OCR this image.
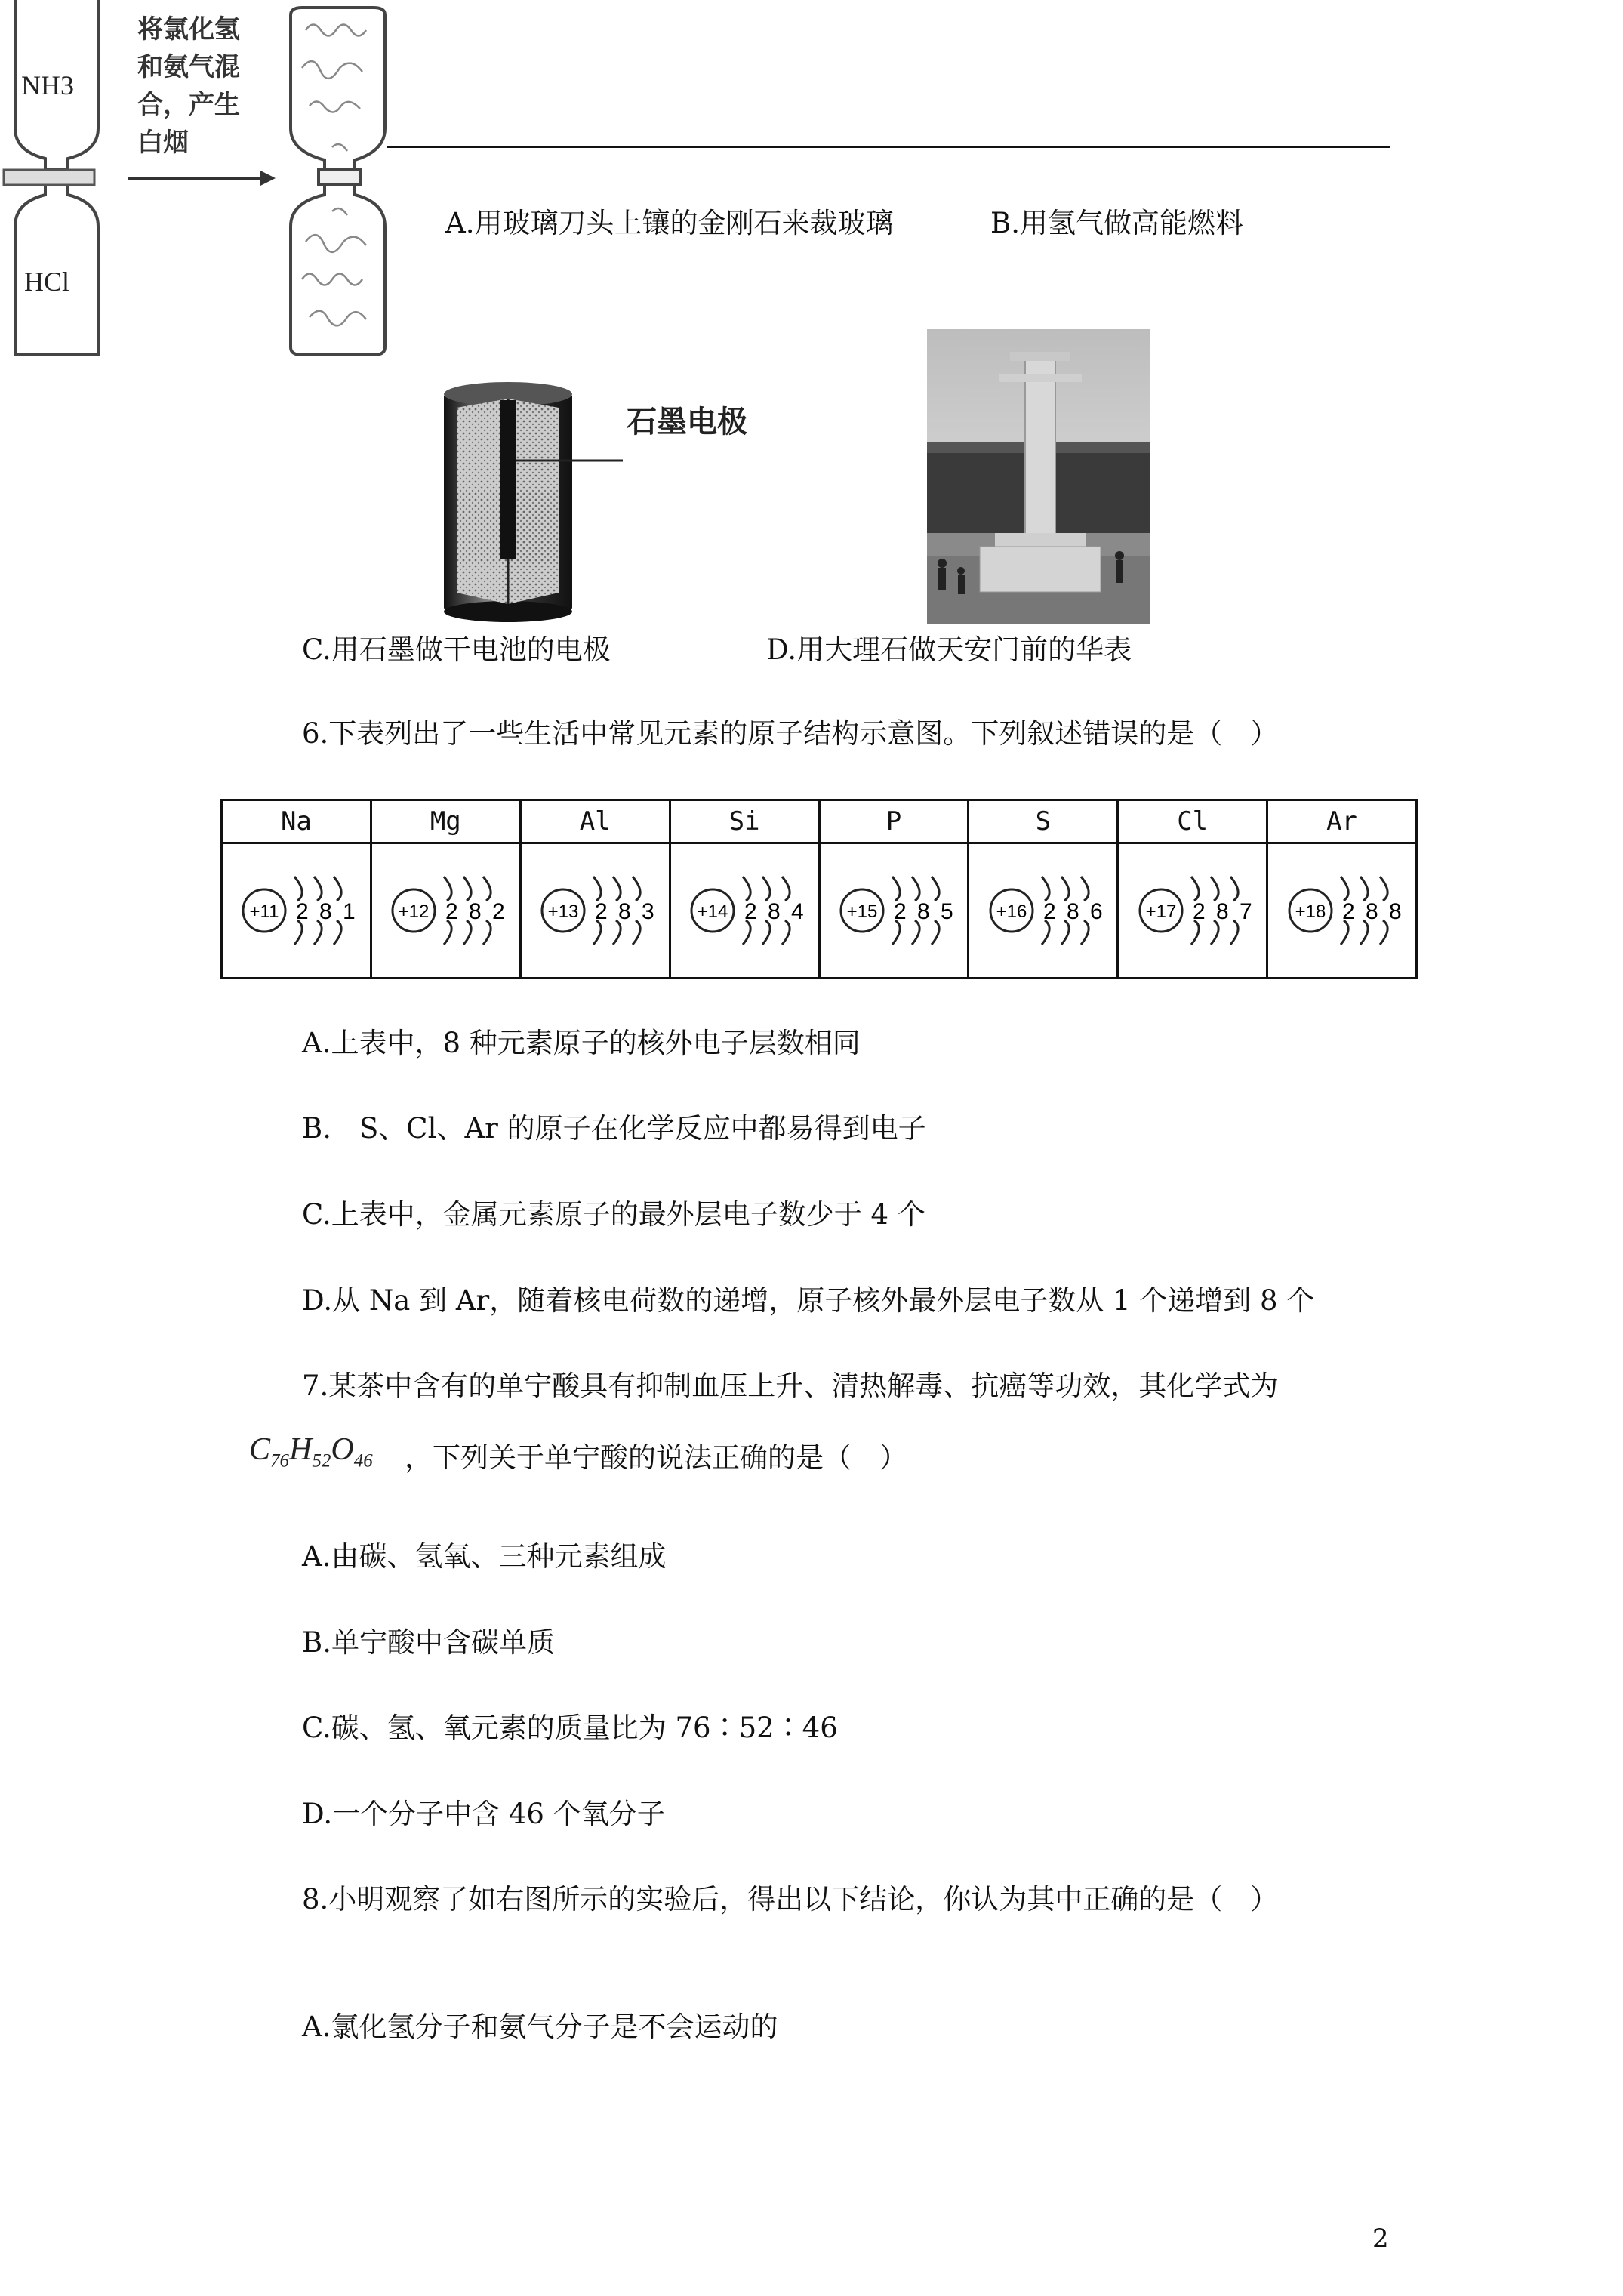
NH3
HCl
将氯化氢 和氨气混 合，产生 白烟
A.用玻璃刀头上镶的金刚石来裁玻璃	B.用氢气做高能燃料
石墨电极
C.用石墨做干电池的电极	D.用大理石做天安门前的华表
6.下表列出了一些生活中常见元素的原子结构示意图。下列叙述错误的是（　）
Na	Mg	Al	Si	P	S	Cl	Ar

+11 2 8 1	+12 2 8 2	+13 2 8 3	+14 2 8 4	+15 2 8 5	+16 2 8 6	+17 2 8 7	+18 2 8 8
A.上表中，8 种元素原子的核外电子层数相同
B.　S、Cl、Ar 的原子在化学反应中都易得到电子
C.上表中，金属元素原子的最外层电子数少于 4 个
D.从 Na 到 Ar，随着核电荷数的递增，原子核外最外层电子数从 1 个递增到 8 个
7.某茶中含有的单宁酸具有抑制血压上升、清热解毒、抗癌等功效，其化学式为
$C_{76}H_{52}O_{46}$ ，下列关于单宁酸的说法正确的是（　）
A.由碳、氢氧、三种元素组成
B.单宁酸中含碳单质
C.碳、氢、氧元素的质量比为 76∶52∶46
D.一个分子中含 46 个氧分子
8.小明观察了如右图所示的实验后，得出以下结论，你认为其中正确的是（　）
A.氯化氢分子和氨气分子是不会运动的
2
